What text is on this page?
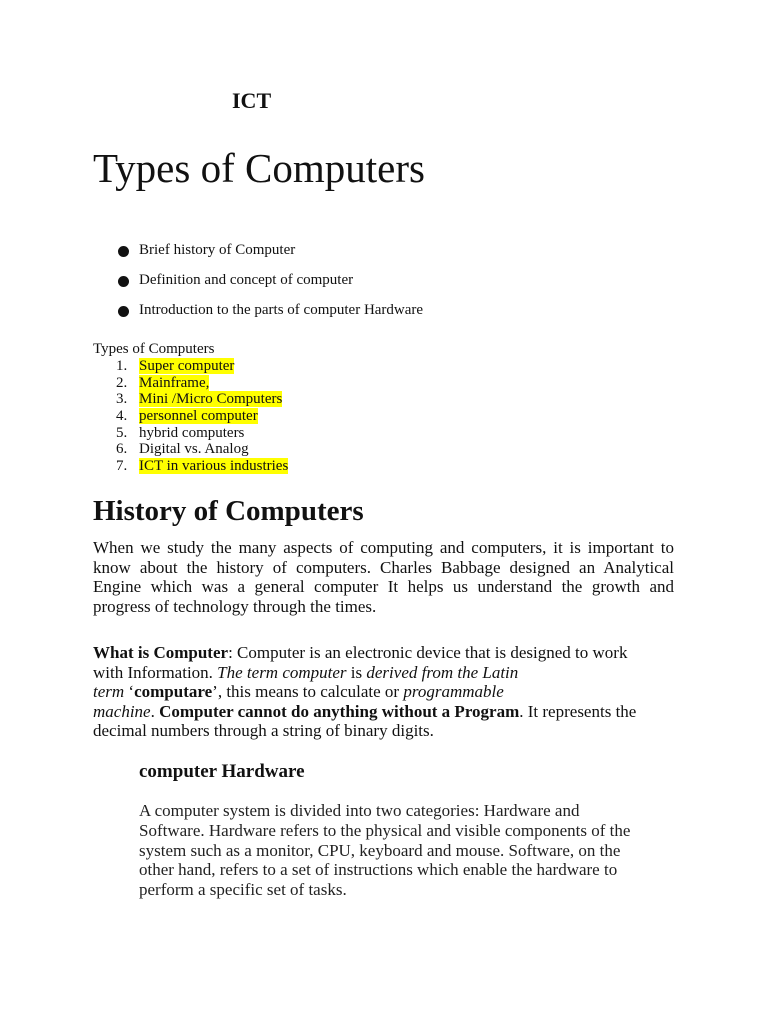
ICT
Types of Computers
Brief history of Computer
Definition and concept of computer
Introduction to the parts of computer Hardware

Types of Computers

1. Super computer
2. Mainframe,
3. Mini /Micro Computers
4. personnel computer
5. hybrid computers
6. Digital vs. Analog
7. ICT in various industries
History of Computers

When we study the many aspects of computing and computers, it is important to
know about the history of computers. Charles Babbage designed an Analytical
Engine which was a general computer It helps us understand the growth and
progress of technology through the times.

What is Computer: Computer is an electronic device that is designed to work
with Information. The term computer is derived from the Latin
term ‘computare’, this means to calculate or programmable
machine. Computer cannot do anything without a Program. It represents the
decimal numbers through a string of binary digits.

computer Hardware

A computer system is divided into two categories: Hardware and
Software. Hardware refers to the physical and visible components of the
system such as a monitor, CPU, keyboard and mouse. Software, on the
other hand, refers to a set of instructions which enable the hardware to
perform a specific set of tasks.
